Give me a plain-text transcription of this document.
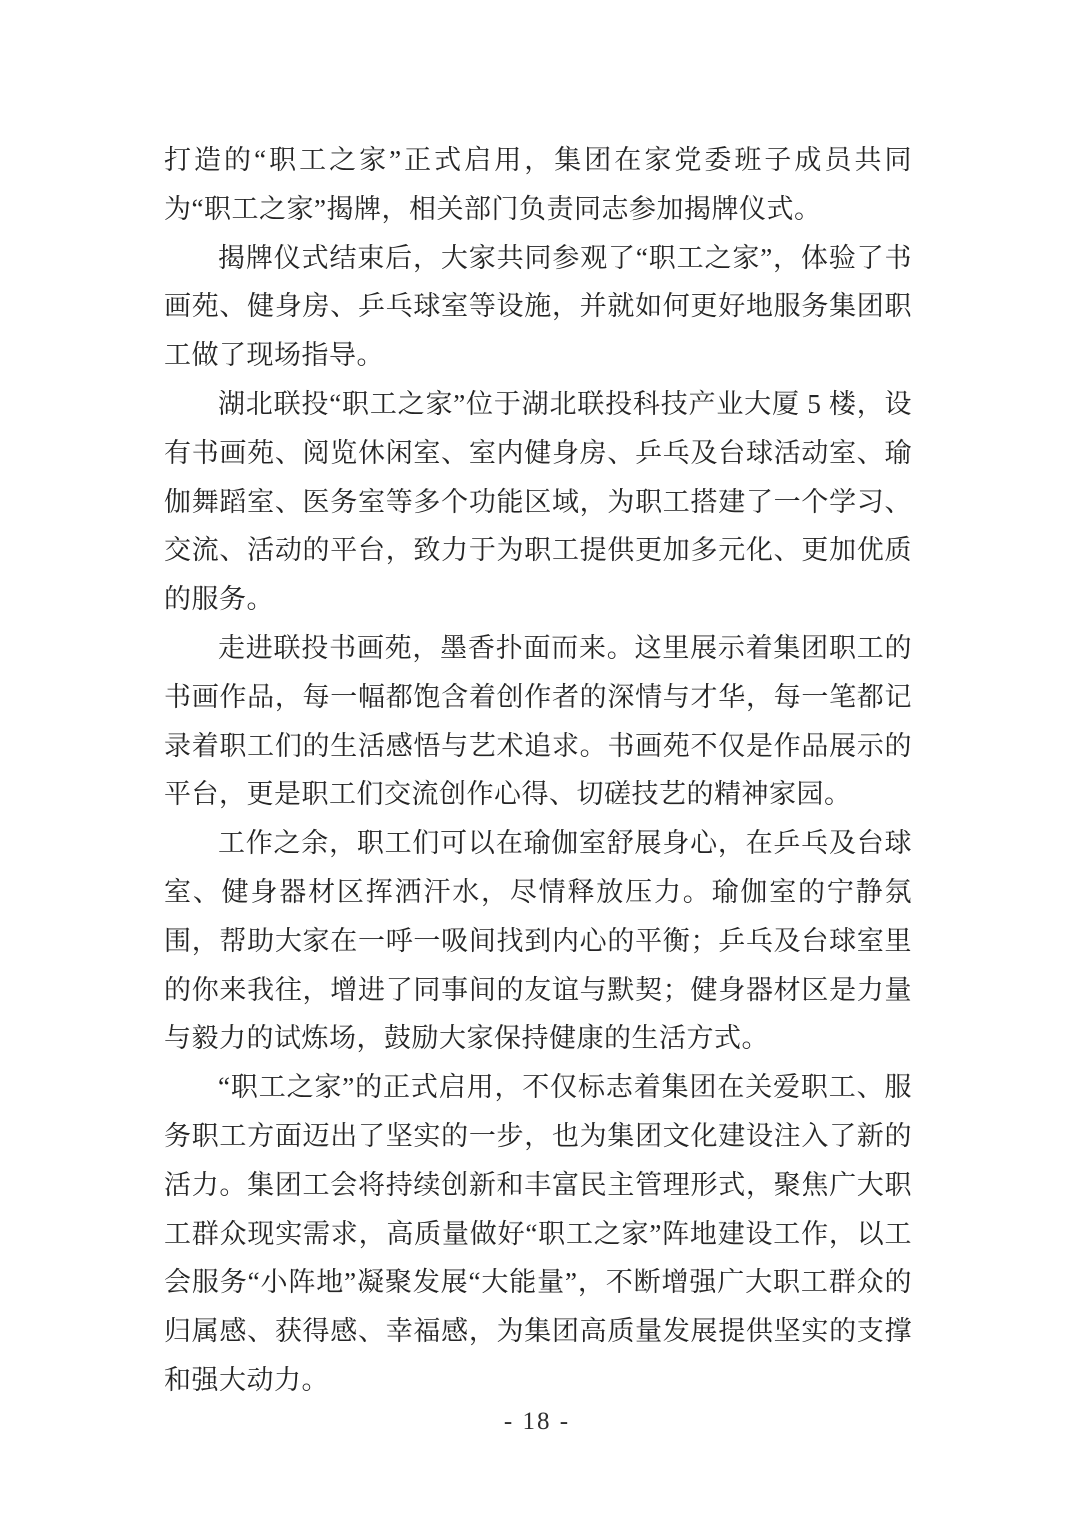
打造的“职工之家”正式启用，集团在家党委班子成员共同为“职工之家”揭牌，相关部门负责同志参加揭牌仪式。

揭牌仪式结束后，大家共同参观了“职工之家”，体验了书画苑、健身房、乒乓球室等设施，并就如何更好地服务集团职工做了现场指导。

湖北联投“职工之家”位于湖北联投科技产业大厦 5 楼，设有书画苑、阅览休闲室、室内健身房、乒乓及台球活动室、瑜伽舞蹈室、医务室等多个功能区域，为职工搭建了一个学习、交流、活动的平台，致力于为职工提供更加多元化、更加优质的服务。

走进联投书画苑，墨香扑面而来。这里展示着集团职工的书画作品，每一幅都饱含着创作者的深情与才华，每一笔都记录着职工们的生活感悟与艺术追求。书画苑不仅是作品展示的平台，更是职工们交流创作心得、切磋技艺的精神家园。

工作之余，职工们可以在瑜伽室舒展身心，在乒乓及台球室、健身器材区挥洒汗水，尽情释放压力。瑜伽室的宁静氛围，帮助大家在一呼一吸间找到内心的平衡；乒乓及台球室里的你来我往，增进了同事间的友谊与默契；健身器材区是力量与毅力的试炼场，鼓励大家保持健康的生活方式。

“职工之家”的正式启用，不仅标志着集团在关爱职工、服务职工方面迈出了坚实的一步，也为集团文化建设注入了新的活力。集团工会将持续创新和丰富民主管理形式，聚焦广大职工群众现实需求，高质量做好“职工之家”阵地建设工作，以工会服务“小阵地”凝聚发展“大能量”，不断增强广大职工群众的归属感、获得感、幸福感，为集团高质量发展提供坚实的支撑和强大动力。

- 18 -
